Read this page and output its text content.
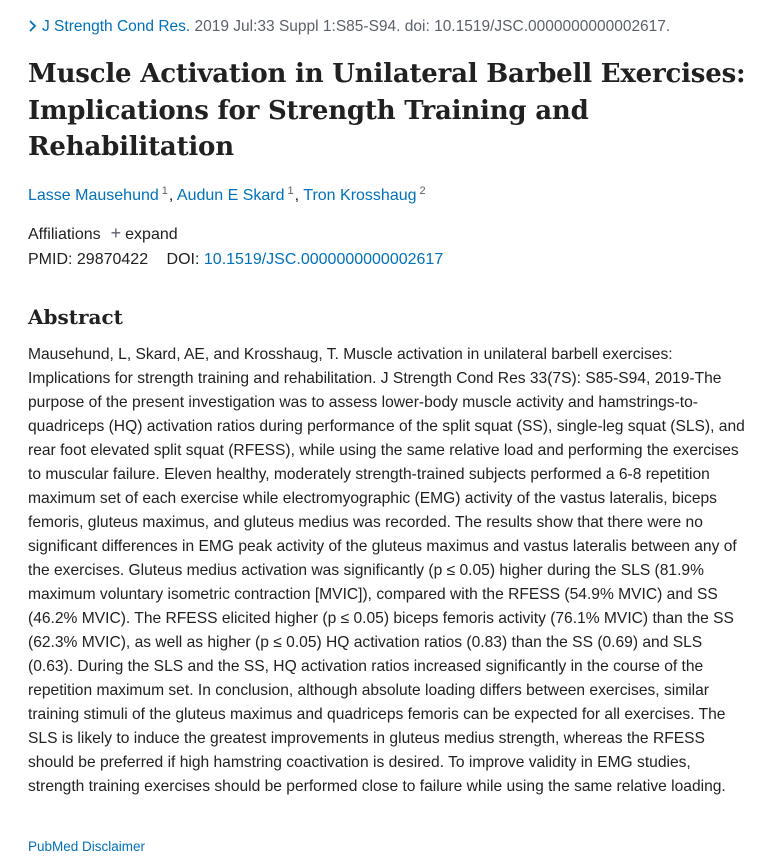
J Strength Cond Res. 2019 Jul:33 Suppl 1:S85-S94. doi: 10.1519/JSC.0000000000002617.
Muscle Activation in Unilateral Barbell Exercises: Implications for Strength Training and Rehabilitation
Lasse Mausehund $^1$, Audun E Skard $^1$, Tron Krosshaug $^2$
Affiliations + expand
PMID: 29870422 DOI: 10.1519/JSC.0000000000002617
Abstract

Mausehund, L, Skard, AE, and Krosshaug, T. Muscle activation in unilateral barbell exercises: Implications for strength training and rehabilitation. J Strength Cond Res 33(7S): S85-S94, 2019-The purpose of the present investigation was to assess lower-body muscle activity and hamstrings-to-quadriceps (HQ) activation ratios during performance of the split squat (SS), single-leg squat (SLS), and rear foot elevated split squat (RFESS), while using the same relative load and performing the exercises to muscular failure. Eleven healthy, moderately strength-trained subjects performed a 6-8 repetition maximum set of each exercise while electromyographic (EMG) activity of the vastus lateralis, biceps femoris, gluteus maximus, and gluteus medius was recorded. The results show that there were no significant differences in EMG peak activity of the gluteus maximus and vastus lateralis between any of the exercises. Gluteus medius activation was significantly (p ≤ 0.05) higher during the SLS (81.9% maximum voluntary isometric contraction [MVIC]), compared with the RFESS (54.9% MVIC) and SS (46.2% MVIC). The RFESS elicited higher (p ≤ 0.05) biceps femoris activity (76.1% MVIC) than the SS (62.3% MVIC), as well as higher (p ≤ 0.05) HQ activation ratios (0.83) than the SS (0.69) and SLS (0.63). During the SLS and the SS, HQ activation ratios increased significantly in the course of the repetition maximum set. In conclusion, although absolute loading differs between exercises, similar training stimuli of the gluteus maximus and quadriceps femoris can be expected for all exercises. The SLS is likely to induce the greatest improvements in gluteus medius strength, whereas the RFESS should be preferred if high hamstring coactivation is desired. To improve validity in EMG studies, strength training exercises should be performed close to failure while using the same relative loading.

PubMed Disclaimer
